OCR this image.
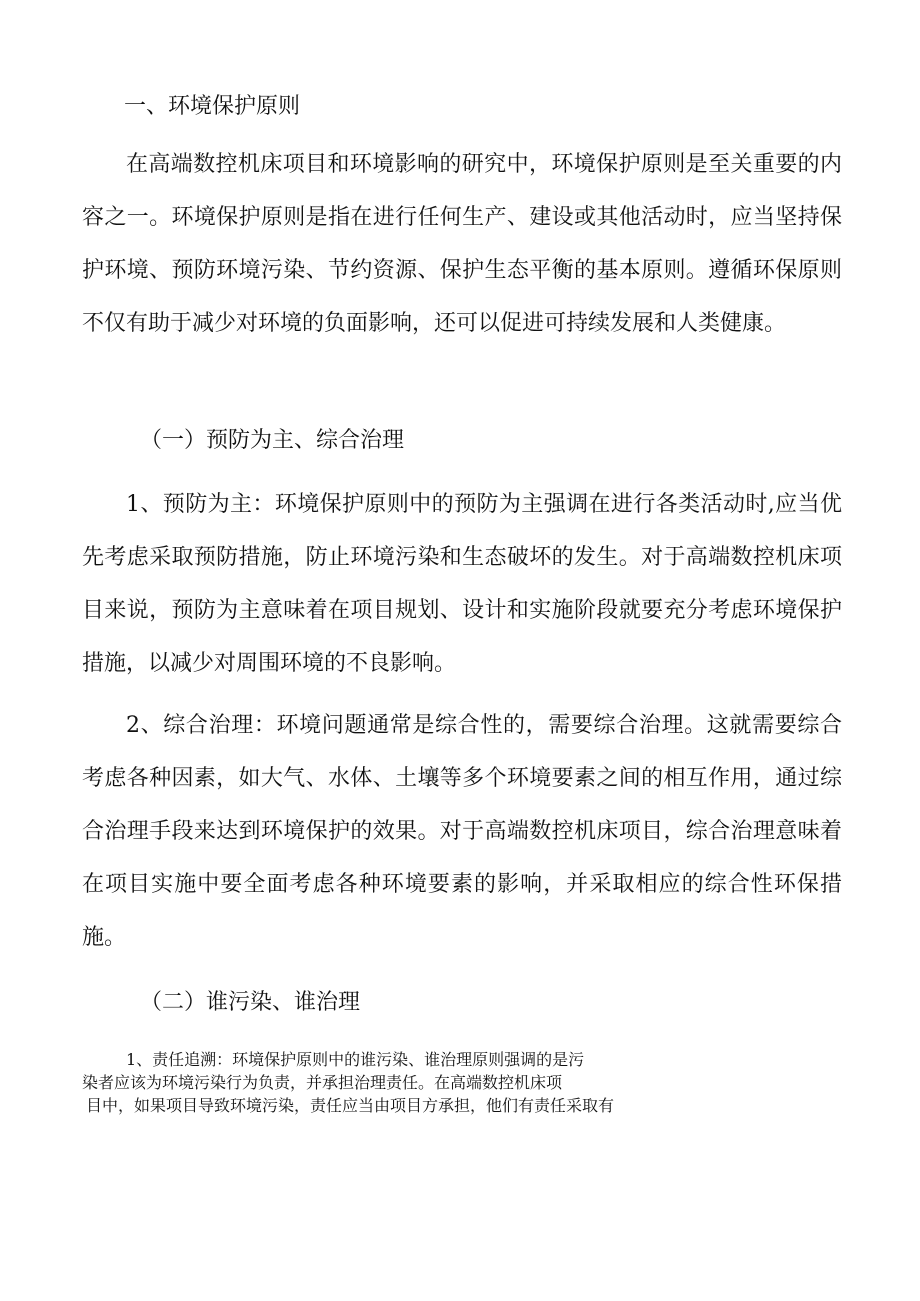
一、环境保护原则

在高端数控机床项目和环境影响的研究中，环境保护原则是至关重要的内容之一。环境保护原则是指在进行任何生产、建设或其他活动时，应当坚持保护环境、预防环境污染、节约资源、保护生态平衡的基本原则。遵循环保原则不仅有助于减少对环境的负面影响，还可以促进可持续发展和人类健康。

（一）预防为主、综合治理

1、预防为主：环境保护原则中的预防为主强调在进行各类活动时,应当优先考虑采取预防措施，防止环境污染和生态破坏的发生。对于高端数控机床项目来说，预防为主意味着在项目规划、设计和实施阶段就要充分考虑环境保护措施，以减少对周围环境的不良影响。

2、综合治理：环境问题通常是综合性的，需要综合治理。这就需要综合考虑各种因素，如大气、水体、土壤等多个环境要素之间的相互作用，通过综合治理手段来达到环境保护的效果。对于高端数控机床项目，综合治理意味着在项目实施中要全面考虑各种环境要素的影响，并采取相应的综合性环保措施。

（二）谁污染、谁治理
1、责任追溯：环境保护原则中的谁污染、谁治理原则强调的是污
染者应该为环境污染行为负责，并承担治理责任。在高端数控机床项
目中，如果项目导致环境污染，责任应当由项目方承担，他们有责任采取有
